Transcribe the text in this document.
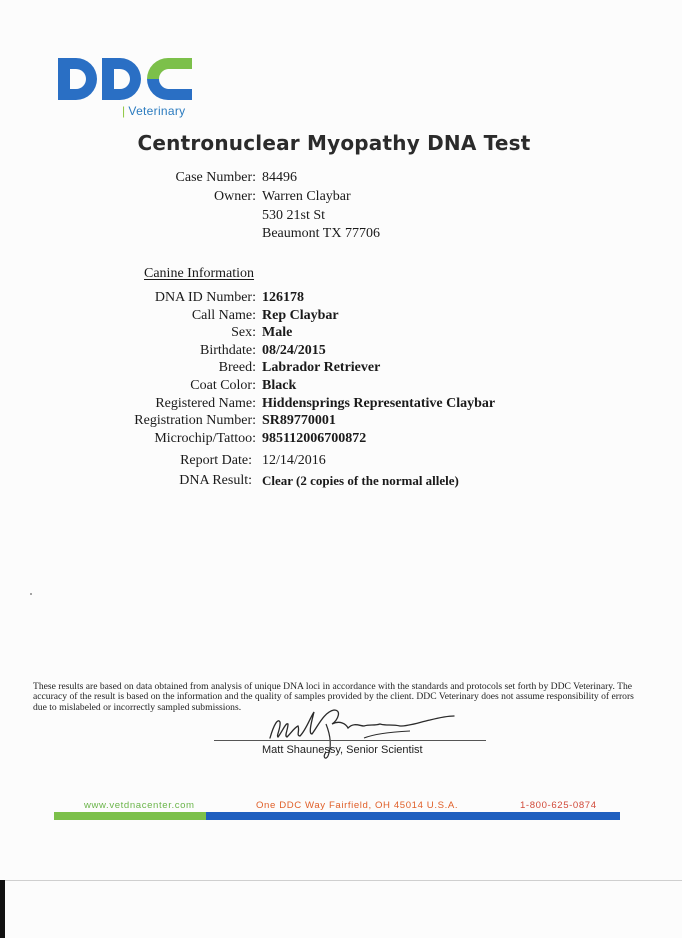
| Veterinary
Centronuclear Myopathy DNA Test
Case Number: 84496
Owner: Warren Claybar
530 21st St
Beaumont TX 77706
Canine Information
DNA ID Number: 126178
Call Name: Rep Claybar
Sex: Male
Birthdate: 08/24/2015
Breed: Labrador Retriever
Coat Color: Black
Registered Name: Hiddensprings Representative Claybar
Registration Number: SR89770001
Microchip/Tattoo: 985112006700872
Report Date: 12/14/2016
DNA Result: Clear (2 copies of the normal allele)
These results are based on data obtained from analysis of unique DNA loci in accordance with the standards and protocols set forth by DDC Veterinary. The accuracy of the result is based on the information and the quality of samples provided by the client. DDC Veterinary does not assume responsibility of errors due to mislabeled or incorrectly sampled submissions.
Matt Shaunessy, Senior Scientist
www.vetdnacenter.com	One DDC Way Fairfield, OH 45014 U.S.A.	1-800-625-0874
